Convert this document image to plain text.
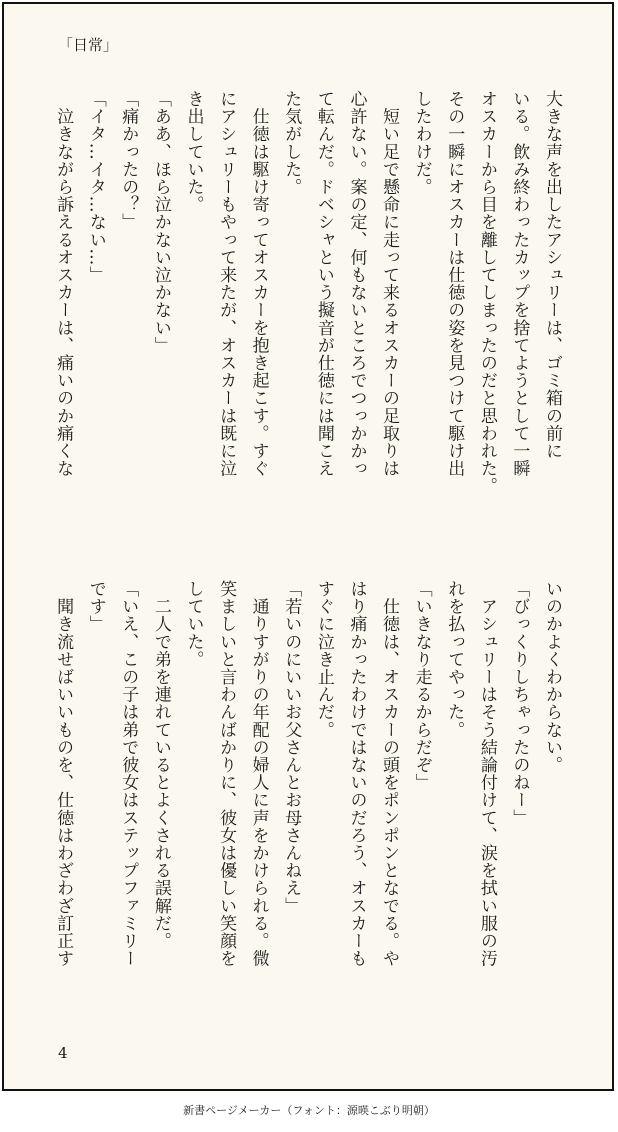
「日常」
大きな声を出したアシュリーは、ゴミ箱の前に
いる。飲み終わったカップを捨てようとして一瞬
オスカーから目を離してしまったのだと思われた。
その一瞬にオスカーは仕徳の姿を見つけて駆け出
したわけだ。
　短い足で懸命に走って来るオスカーの足取りは
心許ない。案の定、何もないところでつっかかっ
て転んだ。ドベシャという擬音が仕徳には聞こえ
た気がした。
　仕徳は駆け寄ってオスカーを抱き起こす。すぐ
にアシュリーもやって来たが、オスカーは既に泣
き出していた。
「ああ、ほら泣かない泣かない」
「痛かったの？」
「イタ…イタ…ない…」
　泣きながら訴えるオスカーは、痛いのか痛くな
いのかよくわからない。
「びっくりしちゃったのねー」
　アシュリーはそう結論付けて、涙を拭い服の汚
れを払ってやった。
「いきなり走るからだぞ」
　仕徳は、オスカーの頭をポンポンとなでる。や
はり痛かったわけではないのだろう、オスカーも
すぐに泣き止んだ。
「若いのにいいお父さんとお母さんねえ」
　通りすがりの年配の婦人に声をかけられる。微
笑ましいと言わんばかりに、彼女は優しい笑顔を
していた。
　二人で弟を連れているとよくされる誤解だ。
「いえ、この子は弟で彼女はステップファミリー
です」
　聞き流せばいいものを、仕徳はわざわざ訂正す
4
新書ページメーカー（フォント：源暎こぶり明朝）
